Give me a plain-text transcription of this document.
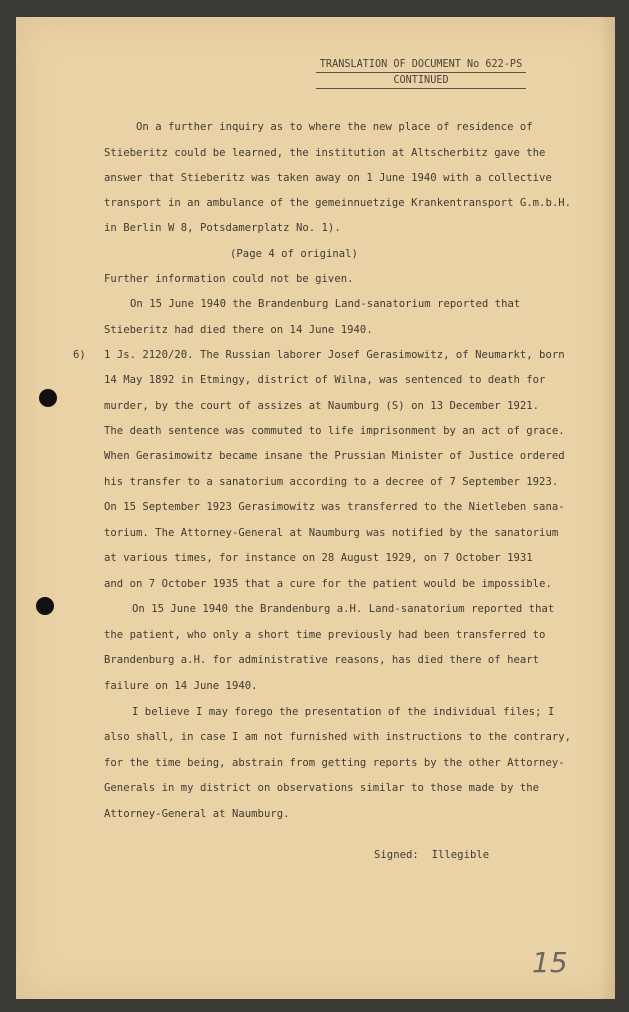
TRANSLATION OF DOCUMENT No 622-PS
CONTINUED
On a further inquiry as to where the new place of residence of
Stieberitz could be learned, the institution at Altscherbitz gave the
answer that Stieberitz was taken away on 1 June 1940 with a collective
transport in an ambulance of the gemeinnuetzige Krankentransport G.m.b.H.
in Berlin W 8, Potsdamerplatz No. 1).
(Page 4 of original)
Further information could not be given.
On 15 June 1940 the Brandenburg Land-sanatorium reported that
Stieberitz had died there on 14 June 1940.
6) 1 Js. 2120/20. The Russian laborer Josef Gerasimowitz, of Neumarkt, born
14 May 1892 in Etmingy, district of Wilna, was sentenced to death for
murder, by the court of assizes at Naumburg (S) on 13 December 1921.
The death sentence was commuted to life imprisonment by an act of grace.
When Gerasimowitz became insane the Prussian Minister of Justice ordered
his transfer to a sanatorium according to a decree of 7 September 1923.
On 15 September 1923 Gerasimowitz was transferred to the Nietleben sana-
torium. The Attorney-General at Naumburg was notified by the sanatorium
at various times, for instance on 28 August 1929, on 7 October 1931
and on 7 October 1935 that a cure for the patient would be impossible.
On 15 June 1940 the Brandenburg a.H. Land-sanatorium reported that
the patient, who only a short time previously had been transferred to
Brandenburg a.H. for administrative reasons, has died there of heart
failure on 14 June 1940.
I believe I may forego the presentation of the individual files; I
also shall, in case I am not furnished with instructions to the contrary,
for the time being, abstrain from getting reports by the other Attorney-
Generals in my district on observations similar to those made by the
Attorney-General at Naumburg.
Signed:  Illegible
15
